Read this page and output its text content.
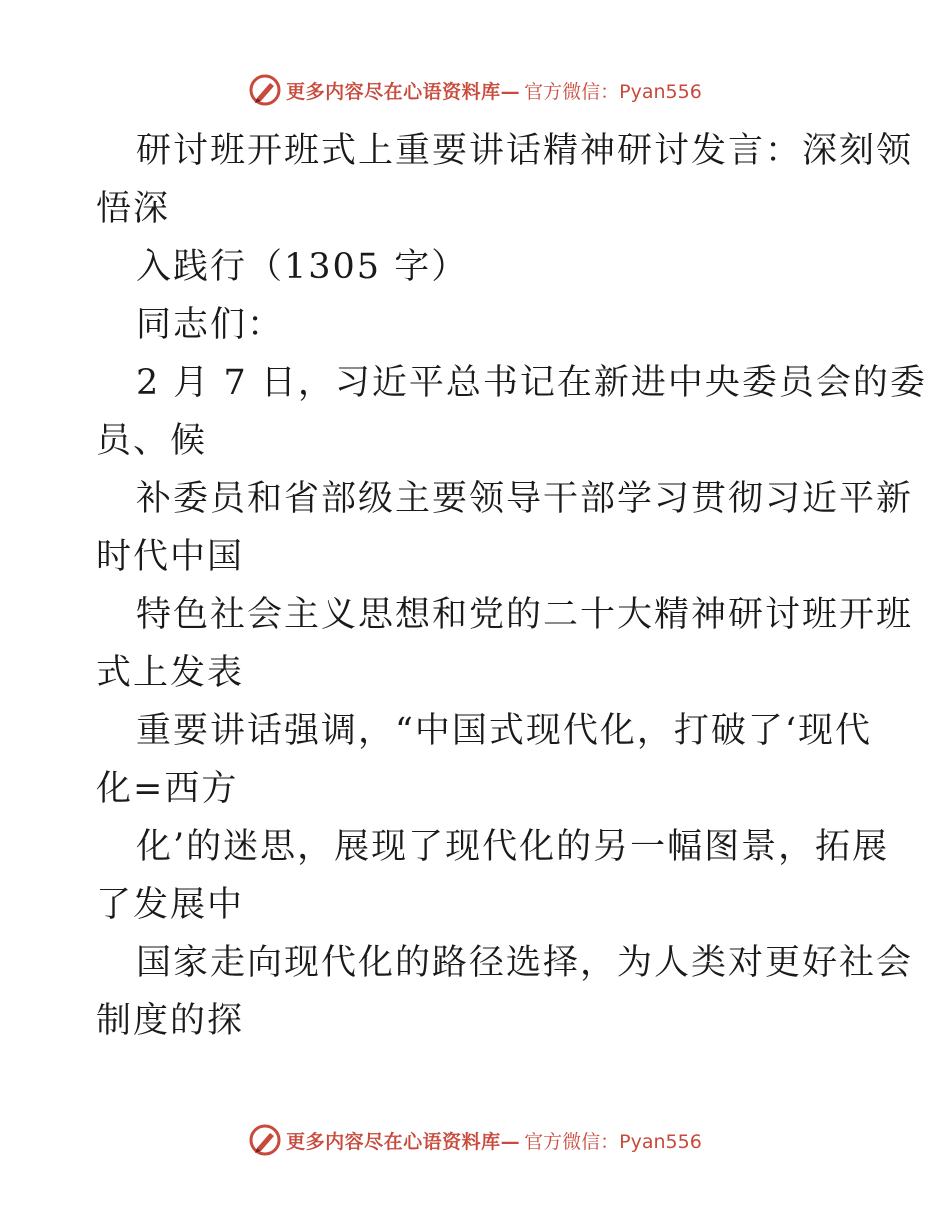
更多内容尽在心语资料库— 官方微信：Pyan556
研讨班开班式上重要讲话精神研讨发言：深刻领
悟深
入践行（1305 字）
同志们：
2 月 7 日，习近平总书记在新进中央委员会的委
员、候
补委员和省部级主要领导干部学习贯彻习近平新
时代中国
特色社会主义思想和党的二十大精神研讨班开班
式上发表
重要讲话强调，“中国式现代化，打破了‘现代
化=西方
化’的迷思，展现了现代化的另一幅图景，拓展
了发展中
国家走向现代化的路径选择，为人类对更好社会
制度的探
更多内容尽在心语资料库— 官方微信：Pyan556
